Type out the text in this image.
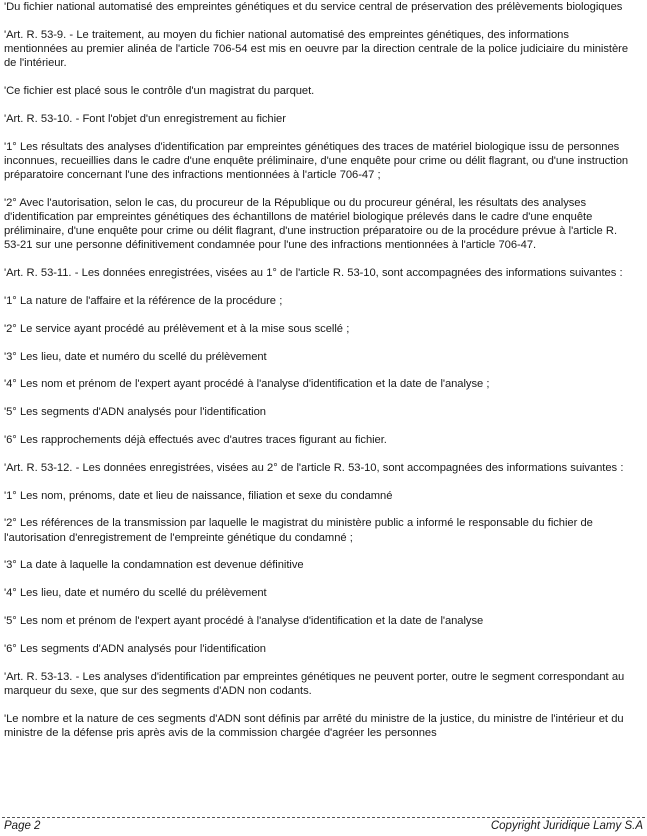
'Du fichier national automatisé des empreintes génétiques et du service central de préservation des prélèvements biologiques

'Art. R. 53-9. - Le traitement, au moyen du fichier national automatisé des empreintes génétiques, des informations mentionnées au premier alinéa de l'article 706-54 est mis en oeuvre par la direction centrale de la police judiciaire du ministère de l'intérieur.

'Ce fichier est placé sous le contrôle d'un magistrat du parquet.

'Art. R. 53-10. - Font l'objet d'un enregistrement au fichier

'1° Les résultats des analyses d'identification par empreintes génétiques des traces de matériel biologique issu de personnes inconnues, recueillies dans le cadre d'une enquête préliminaire, d'une enquête pour crime ou délit flagrant, ou d'une instruction préparatoire concernant l'une des infractions mentionnées à l'article 706-47 ;

'2° Avec l'autorisation, selon le cas, du procureur de la République ou du procureur général, les résultats des analyses d'identification par empreintes génétiques des échantillons de matériel biologique prélevés dans le cadre d'une enquête préliminaire, d'une enquête pour crime ou délit flagrant, d'une instruction préparatoire ou de la procédure prévue à l'article R. 53-21 sur une personne définitivement condamnée pour l'une des infractions mentionnées à l'article 706-47.

'Art. R. 53-11. - Les données enregistrées, visées au 1° de l'article R. 53-10, sont accompagnées des informations suivantes :

'1° La nature de l'affaire et la référence de la procédure ;

'2° Le service ayant procédé au prélèvement et à la mise sous scellé ;

'3° Les lieu, date et numéro du scellé du prélèvement

'4° Les nom et prénom de l'expert ayant procédé à l'analyse d'identification et la date de l'analyse ;

'5° Les segments d'ADN analysés pour l'identification

'6° Les rapprochements déjà effectués avec d'autres traces figurant au fichier.

'Art. R. 53-12. - Les données enregistrées, visées au 2° de l'article R. 53-10, sont accompagnées des informations suivantes :

'1° Les nom, prénoms, date et lieu de naissance, filiation et sexe du condamné

'2° Les références de la transmission par laquelle le magistrat du ministère public a informé le responsable du fichier de l'autorisation d'enregistrement de l'empreinte génétique du condamné ;

'3° La date à laquelle la condamnation est devenue définitive

'4° Les lieu, date et numéro du scellé du prélèvement

'5° Les nom et prénom de l'expert ayant procédé à l'analyse d'identification et la date de l'analyse

'6° Les segments d'ADN analysés pour l'identification

'Art. R. 53-13. - Les analyses d'identification par empreintes génétiques ne peuvent porter, outre le segment correspondant au marqueur du sexe, que sur des segments d'ADN non codants.

'Le nombre et la nature de ces segments d'ADN sont définis par arrêté du ministre de la justice, du ministre de l'intérieur et du ministre de la défense pris après avis de la commission chargée d'agréer les personnes

Page 2	Copyright Juridique Lamy S.A
